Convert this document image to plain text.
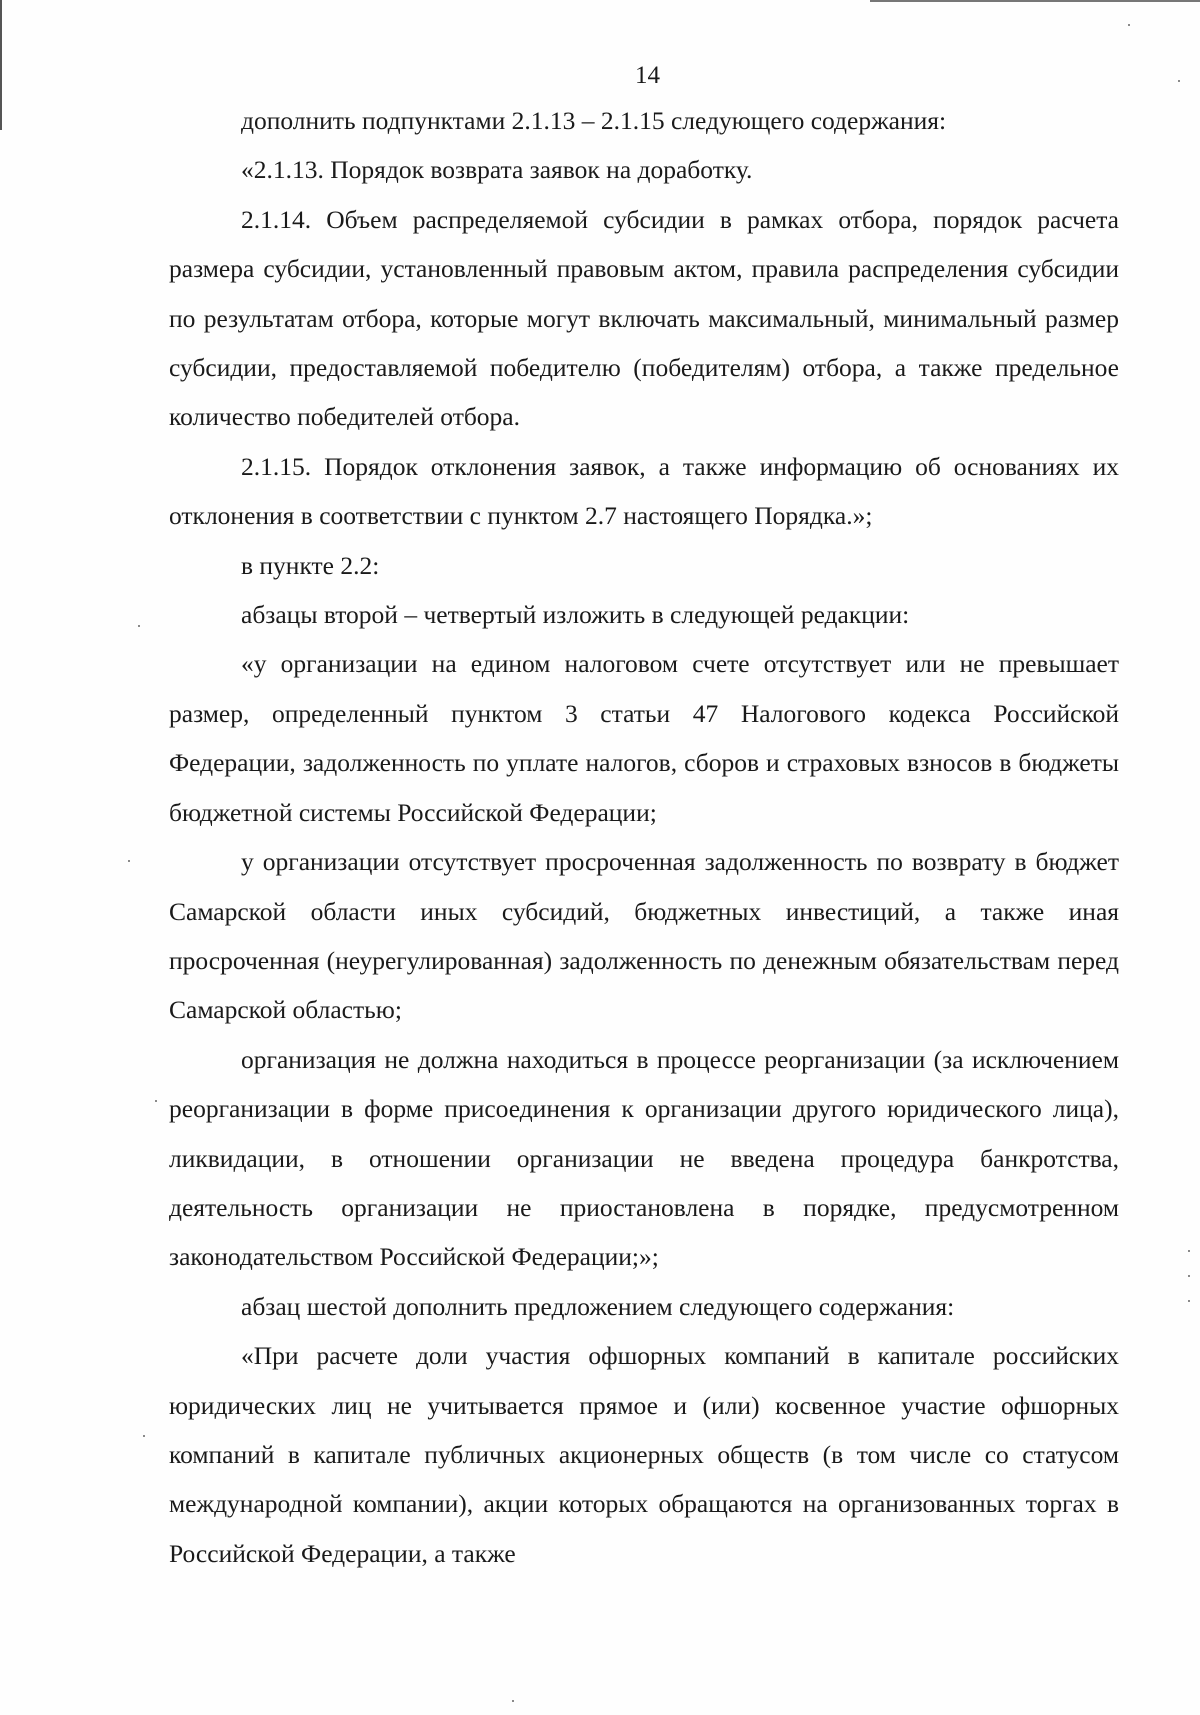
14

дополнить подпунктами 2.1.13 – 2.1.15 следующего содержания:

«2.1.13. Порядок возврата заявок на доработку.

2.1.14. Объем распределяемой субсидии в рамках отбора, порядок расчета размера субсидии, установленный правовым актом, правила распределения субсидии по результатам отбора, которые могут включать максимальный, минимальный размер субсидии, предоставляемой победителю (победителям) отбора, а также предельное количество победителей отбора.

2.1.15. Порядок отклонения заявок, а также информацию об основаниях их отклонения в соответствии с пунктом 2.7 настоящего Порядка.»;

в пункте 2.2:

абзацы второй – четвертый изложить в следующей редакции:

«у организации на едином налоговом счете отсутствует или не превышает размер, определенный пунктом 3 статьи 47 Налогового кодекса Российской Федерации, задолженность по уплате налогов, сборов и страховых взносов в бюджеты бюджетной системы Российской Федерации;

у организации отсутствует просроченная задолженность по возврату в бюджет Самарской области иных субсидий, бюджетных инвестиций, а также иная просроченная (неурегулированная) задолженность по денежным обязательствам перед Самарской областью;

организация не должна находиться в процессе реорганизации (за исключением реорганизации в форме присоединения к организации другого юридического лица), ликвидации, в отношении организации не введена процедура банкротства, деятельность организации не приостановлена в порядке, предусмотренном законодательством Российской Федерации;»;

абзац шестой дополнить предложением следующего содержания:

«При расчете доли участия офшорных компаний в капитале российских юридических лиц не учитывается прямое и (или) косвенное участие офшорных компаний в капитале публичных акционерных обществ (в том числе со статусом международной компании), акции которых обращаются на организованных торгах в Российской Федерации, а также
